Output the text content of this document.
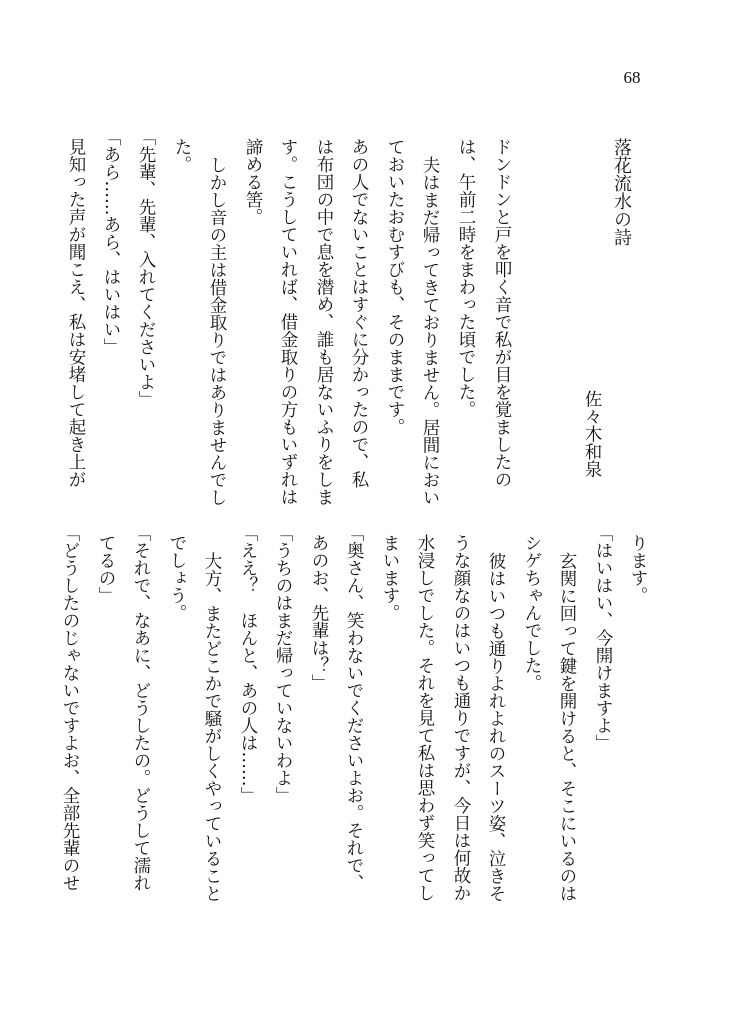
68
落花流水の詩
佐々木和泉
ドンドンと戸を叩く音で私が目を覚ましたの
は、午前二時をまわった頃でした。
夫はまだ帰ってきておりません。居間におい
ておいたおむすびも、そのままです。
あの人でないことはすぐに分かったので、私
は布団の中で息を潜め、誰も居ないふりをしま
す。こうしていれば、借金取りの方もいずれは
諦める筈。
しかし音の主は借金取りではありませんでし
た。
「先輩、先輩、入れてくださいよ」
「あら……あら、はいはい」
見知った声が聞こえ、私は安堵して起き上が
ります。
「はいはい、今開けますよ」
玄関に回って鍵を開けると、そこにいるのは
シゲちゃんでした。
彼はいつも通りよれよれのスーツ姿、泣きそ
うな顔なのはいつも通りですが、今日は何故か
水浸しでした。それを見て私は思わず笑ってし
まいます。
「奥さん、笑わないでくださいよお。それで、
あのお、先輩は？」
「うちのはまだ帰っていないわよ」
「ええ？　ほんと、あの人は……」
大方、またどこかで騒がしくやっていること
でしょう。
「それで、なあに、どうしたの。どうして濡れ
てるの」
「どうしたのじゃないですよお、全部先輩のせ
